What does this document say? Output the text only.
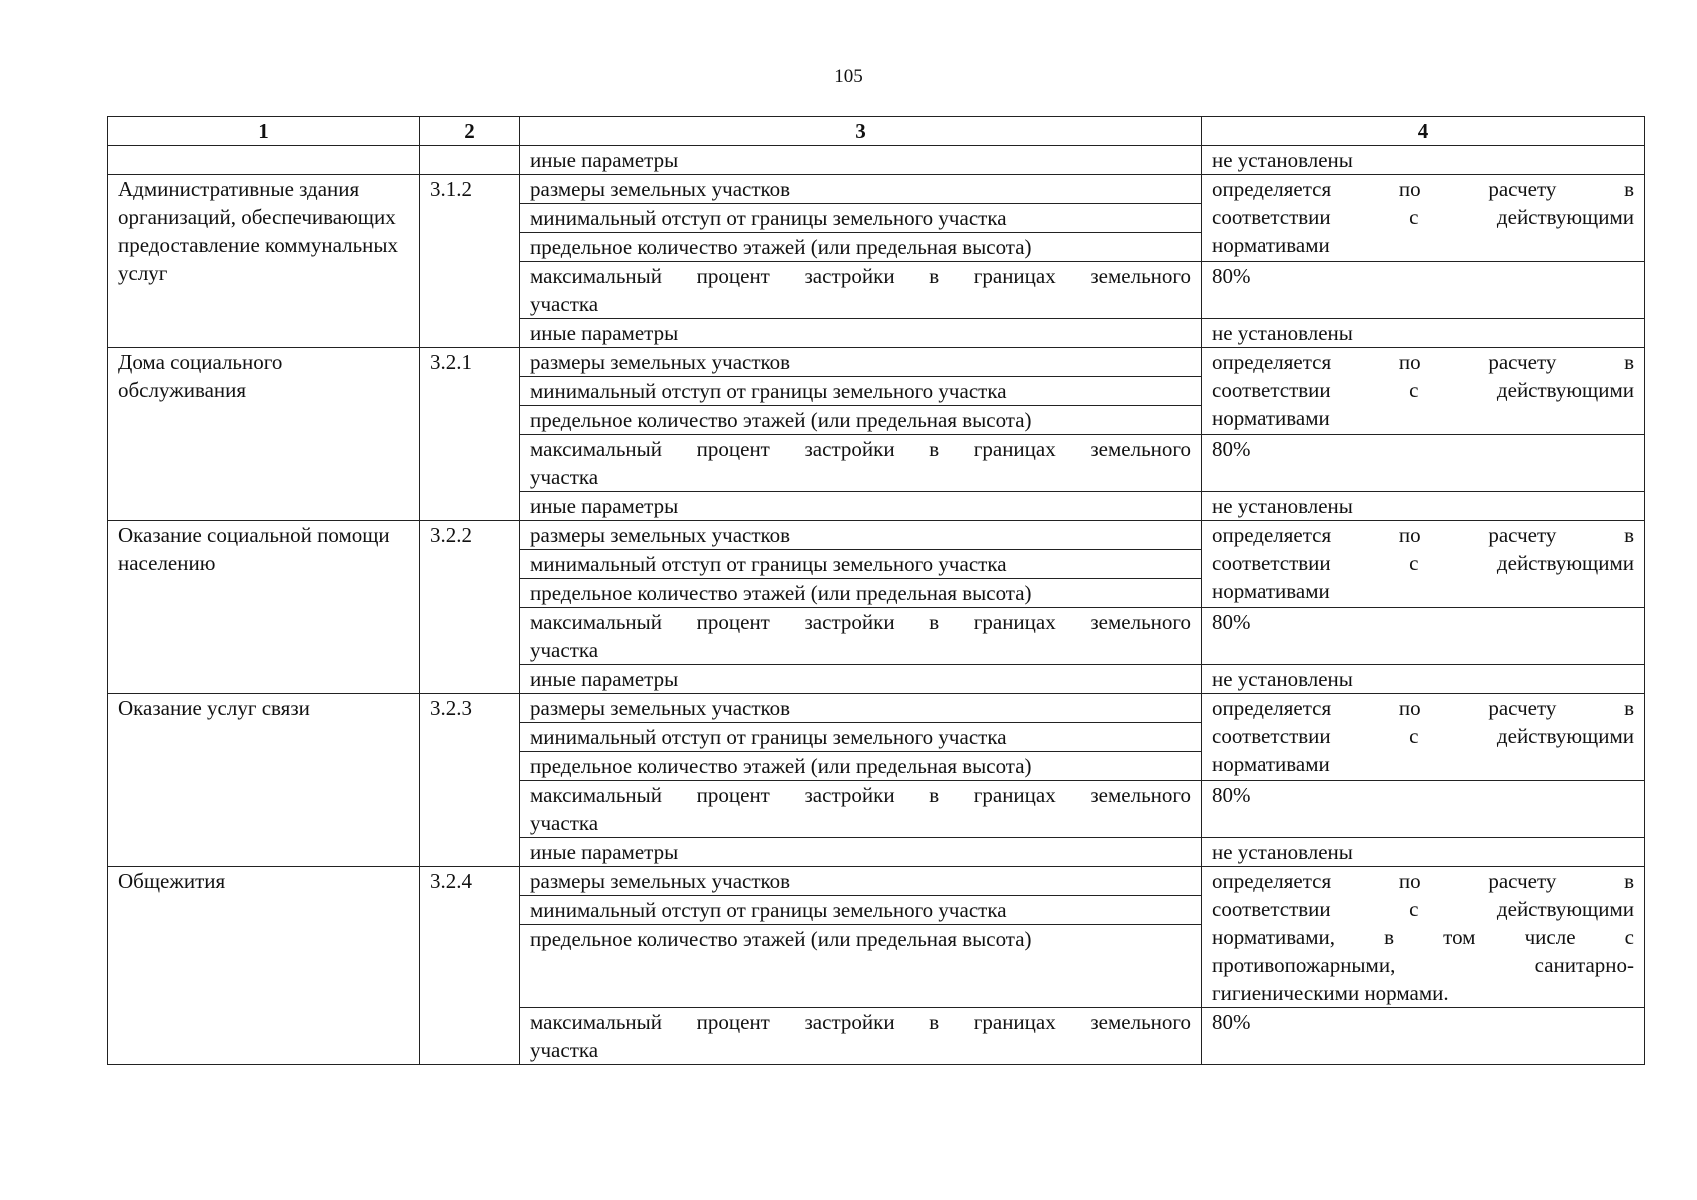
105
1	2	3	4
		иные параметры	не установлены
Административные здания организаций, обеспечивающих предоставление коммунальных услуг	3.1.2	размеры земельных участков	определяется по расчету в
соответствии с действующими
нормативами

		минимальный отступ от границы земельного участка	
		предельное количество этажей (или предельная высота)	

		максимальный процент застройки в границах земельного
участка	80%
		иные параметры	не установлены
Дома социального обслуживания	3.2.1	размеры земельных участков	определяется по расчету в
соответствии с действующими
нормативами

		минимальный отступ от границы земельного участка	
		предельное количество этажей (или предельная высота)	

		максимальный процент застройки в границах земельного
участка	80%
		иные параметры	не установлены
Оказание социальной помощи населению	3.2.2	размеры земельных участков	определяется по расчету в
соответствии с действующими
нормативами

		минимальный отступ от границы земельного участка	
		предельное количество этажей (или предельная высота)	

		максимальный процент застройки в границах земельного
участка	80%
		иные параметры	не установлены
Оказание услуг связи	3.2.3	размеры земельных участков	определяется по расчету в
соответствии с действующими
нормативами

		минимальный отступ от границы земельного участка	
		предельное количество этажей (или предельная высота)	

		максимальный процент застройки в границах земельного
участка	80%
		иные параметры	не установлены
Общежития	3.2.4	размеры земельных участков	определяется по расчету в
соответствии с действующими
нормативами, в том числе с
противопожарными, санитарно-
гигиеническими нормами.

		минимальный отступ от границы земельного участка	
		предельное количество этажей (или предельная высота)	

		максимальный процент застройки в границах земельного
участка	80%
